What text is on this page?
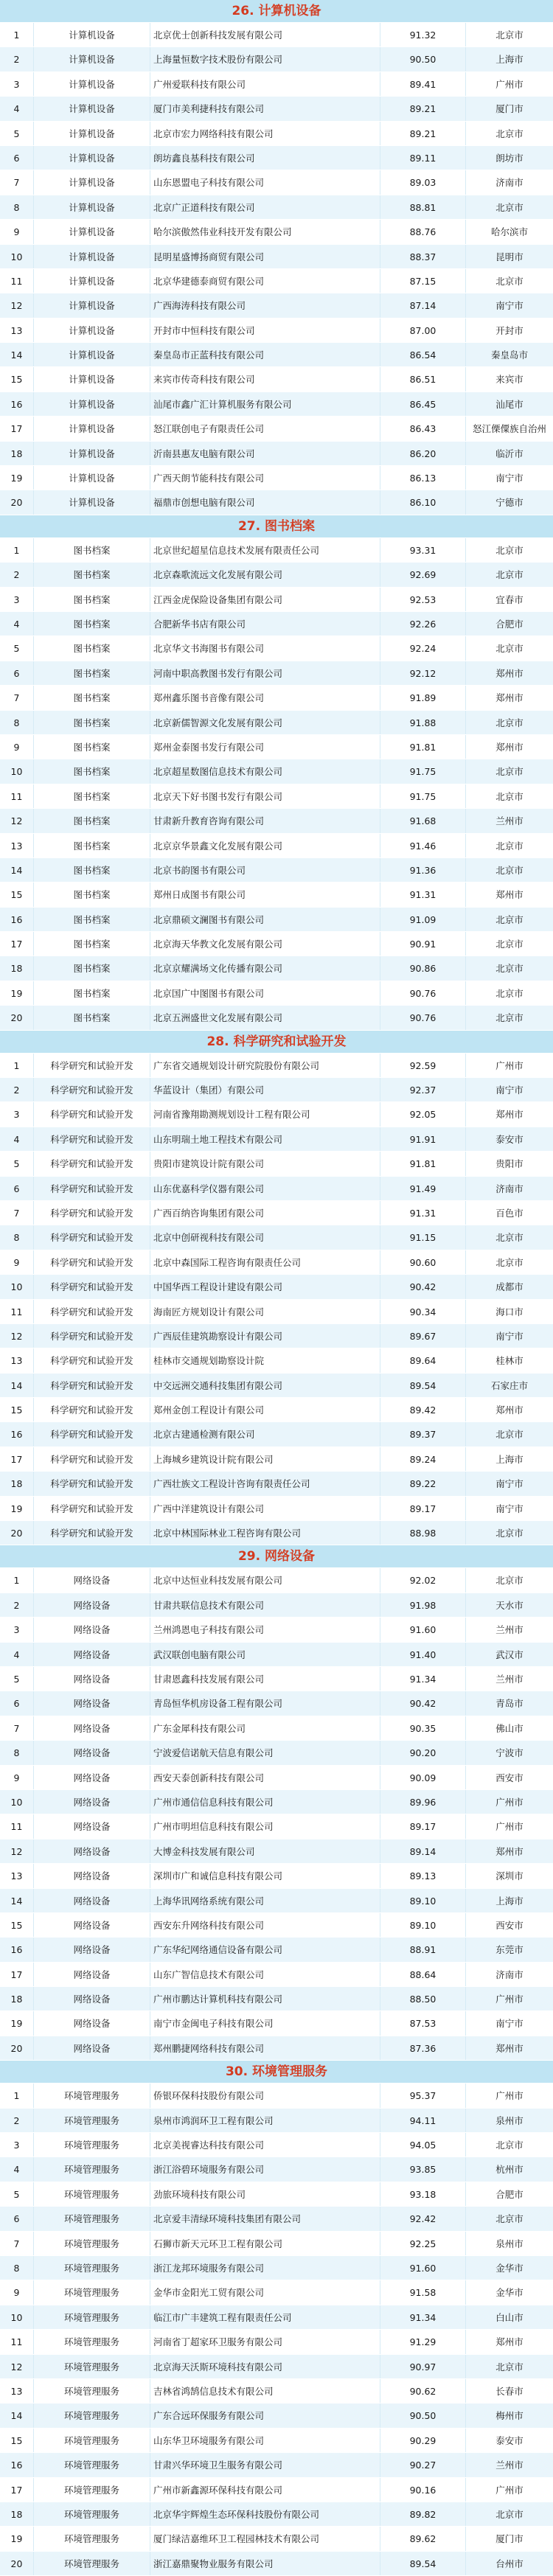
26. 计算机设备
1	计算机设备	北京优士创新科技发展有限公司	91.32	北京市
2	计算机设备	上海量恒数字技术股份有限公司	90.50	上海市
3	计算机设备	广州爱联科技有限公司	89.41	广州市
4	计算机设备	厦门市美利捷科技有限公司	89.21	厦门市
5	计算机设备	北京市宏力网络科技有限公司	89.21	北京市
6	计算机设备	朗坊鑫良基科技有限公司	89.11	朗坊市
7	计算机设备	山东恩盟电子科技有限公司	89.03	济南市
8	计算机设备	北京广正道科技有限公司	88.81	北京市
9	计算机设备	哈尔滨傲然伟业科技开发有限公司	88.76	哈尔滨市
10	计算机设备	昆明星盛博扬商贸有限公司	88.37	昆明市
11	计算机设备	北京华建德泰商贸有限公司	87.15	北京市
12	计算机设备	广西海涛科技有限公司	87.14	南宁市
13	计算机设备	开封市中恒科技有限公司	87.00	开封市
14	计算机设备	秦皇岛市正蓝科技有限公司	86.54	秦皇岛市
15	计算机设备	来宾市传奇科技有限公司	86.51	来宾市
16	计算机设备	汕尾市鑫广汇计算机服务有限公司	86.45	汕尾市
17	计算机设备	怒江联创电子有限责任公司	86.43	怒江傈僳族自治州
18	计算机设备	沂南县惠友电脑有限公司	86.20	临沂市
19	计算机设备	广西天朗节能科技有限公司	86.13	南宁市
20	计算机设备	福鼎市创想电脑有限公司	86.10	宁德市
27. 图书档案
1	图书档案	北京世纪超星信息技术发展有限责任公司	93.31	北京市
2	图书档案	北京森歌流远文化发展有限公司	92.69	北京市
3	图书档案	江西金虎保险设备集团有限公司	92.53	宜春市
4	图书档案	合肥新华书店有限公司	92.26	合肥市
5	图书档案	北京华文书海图书有限公司	92.24	北京市
6	图书档案	河南中职高教图书发行有限公司	92.12	郑州市
7	图书档案	郑州鑫乐图书音像有限公司	91.89	郑州市
8	图书档案	北京新儒智源文化发展有限公司	91.88	北京市
9	图书档案	郑州金泰图书发行有限公司	91.81	郑州市
10	图书档案	北京超星数图信息技术有限公司	91.75	北京市
11	图书档案	北京天下好书图书发行有限公司	91.75	北京市
12	图书档案	甘肃新升教育咨询有限公司	91.68	兰州市
13	图书档案	北京京华景鑫文化发展有限公司	91.46	北京市
14	图书档案	北京书韵图书有限公司	91.36	北京市
15	图书档案	郑州日成图书有限公司	91.31	郑州市
16	图书档案	北京鼎硕文澜图书有限公司	91.09	北京市
17	图书档案	北京海天华教文化发展有限公司	90.91	北京市
18	图书档案	北京京耀满场文化传播有限公司	90.86	北京市
19	图书档案	北京国广中图图书有限公司	90.76	北京市
20	图书档案	北京五洲盛世文化发展有限公司	90.76	北京市
28. 科学研究和试验开发
1	科学研究和试验开发	广东省交通规划设计研究院股份有限公司	92.59	广州市
2	科学研究和试验开发	华蓝设计（集团）有限公司	92.37	南宁市
3	科学研究和试验开发	河南省豫翔勘测规划设计工程有限公司	92.05	郑州市
4	科学研究和试验开发	山东明瑞土地工程技术有限公司	91.91	泰安市
5	科学研究和试验开发	贵阳市建筑设计院有限公司	91.81	贵阳市
6	科学研究和试验开发	山东优嘉科学仪器有限公司	91.49	济南市
7	科学研究和试验开发	广西百纳咨询集团有限公司	91.31	百色市
8	科学研究和试验开发	北京中创研视科技有限公司	91.15	北京市
9	科学研究和试验开发	北京中森国际工程咨询有限责任公司	90.60	北京市
10	科学研究和试验开发	中国华西工程设计建设有限公司	90.42	成都市
11	科学研究和试验开发	海南匠方规划设计有限公司	90.34	海口市
12	科学研究和试验开发	广西辰佳建筑勘察设计有限公司	89.67	南宁市
13	科学研究和试验开发	桂林市交通规划勘察设计院	89.64	桂林市
14	科学研究和试验开发	中交远洲交通科技集团有限公司	89.54	石家庄市
15	科学研究和试验开发	郑州金创工程设计有限公司	89.42	郑州市
16	科学研究和试验开发	北京古建通检测有限公司	89.37	北京市
17	科学研究和试验开发	上海城乡建筑设计院有限公司	89.24	上海市
18	科学研究和试验开发	广西壮族文工程设计咨询有限责任公司	89.22	南宁市
19	科学研究和试验开发	广西中洋建筑设计有限公司	89.17	南宁市
20	科学研究和试验开发	北京中林国际林业工程咨询有限公司	88.98	北京市
29. 网络设备
1	网络设备	北京中达恒业科技发展有限公司	92.02	北京市
2	网络设备	甘肃共联信息技术有限公司	91.98	天水市
3	网络设备	兰州鸿恩电子科技有限公司	91.60	兰州市
4	网络设备	武汉联创电脑有限公司	91.40	武汉市
5	网络设备	甘肃恩鑫科技发展有限公司	91.34	兰州市
6	网络设备	青岛恒华机房设备工程有限公司	90.42	青岛市
7	网络设备	广东金犀科技有限公司	90.35	佛山市
8	网络设备	宁波爱信诺航天信息有限公司	90.20	宁波市
9	网络设备	西安天泰创新科技有限公司	90.09	西安市
10	网络设备	广州市通信信息科技有限公司	89.96	广州市
11	网络设备	广州市明坦信息科技有限公司	89.17	广州市
12	网络设备	大博金科技发展有限公司	89.14	郑州市
13	网络设备	深圳市广和诚信息科技有限公司	89.13	深圳市
14	网络设备	上海华讯网络系统有限公司	89.10	上海市
15	网络设备	西安东升网络科技有限公司	89.10	西安市
16	网络设备	广东华纪网络通信设备有限公司	88.91	东莞市
17	网络设备	山东广智信息技术有限公司	88.64	济南市
18	网络设备	广州市鹏达计算机科技有限公司	88.50	广州市
19	网络设备	南宁市金闽电子科技有限公司	87.53	南宁市
20	网络设备	郑州鹏捷网络科技有限公司	87.36	郑州市
30. 环境管理服务
1	环境管理服务	侨银环保科技股份有限公司	95.37	广州市
2	环境管理服务	泉州市鸿润环卫工程有限公司	94.11	泉州市
3	环境管理服务	北京美视睿达科技有限公司	94.05	北京市
4	环境管理服务	浙江浴碧环境服务有限公司	93.85	杭州市
5	环境管理服务	劲旅环境科技有限公司	93.18	合肥市
6	环境管理服务	北京爱丰清绿环境科技集团有限公司	92.42	北京市
7	环境管理服务	石狮市新天元环卫工程有限公司	92.25	泉州市
8	环境管理服务	浙江龙邦环境服务有限公司	91.60	金华市
9	环境管理服务	金华市金阳光工贸有限公司	91.58	金华市
10	环境管理服务	临江市广丰建筑工程有限责任公司	91.34	白山市
11	环境管理服务	河南省丁超家环卫服务有限公司	91.29	郑州市
12	环境管理服务	北京海天沃斯环境科技有限公司	90.97	北京市
13	环境管理服务	吉林省鸿鹄信息技术有限公司	90.62	长春市
14	环境管理服务	广东合远环保服务有限公司	90.50	梅州市
15	环境管理服务	山东华卫环境服务有限公司	90.29	泰安市
16	环境管理服务	甘肃兴华环境卫生服务有限公司	90.27	兰州市
17	环境管理服务	广州市新鑫源环保科技有限公司	90.16	广州市
18	环境管理服务	北京华宇辉煌生态环保科技股份有限公司	89.82	北京市
19	环境管理服务	厦门绿洁嘉维环卫工程园林技术有限公司	89.62	厦门市
20	环境管理服务	浙江嘉鼎聚物业服务有限公司	89.54	台州市
